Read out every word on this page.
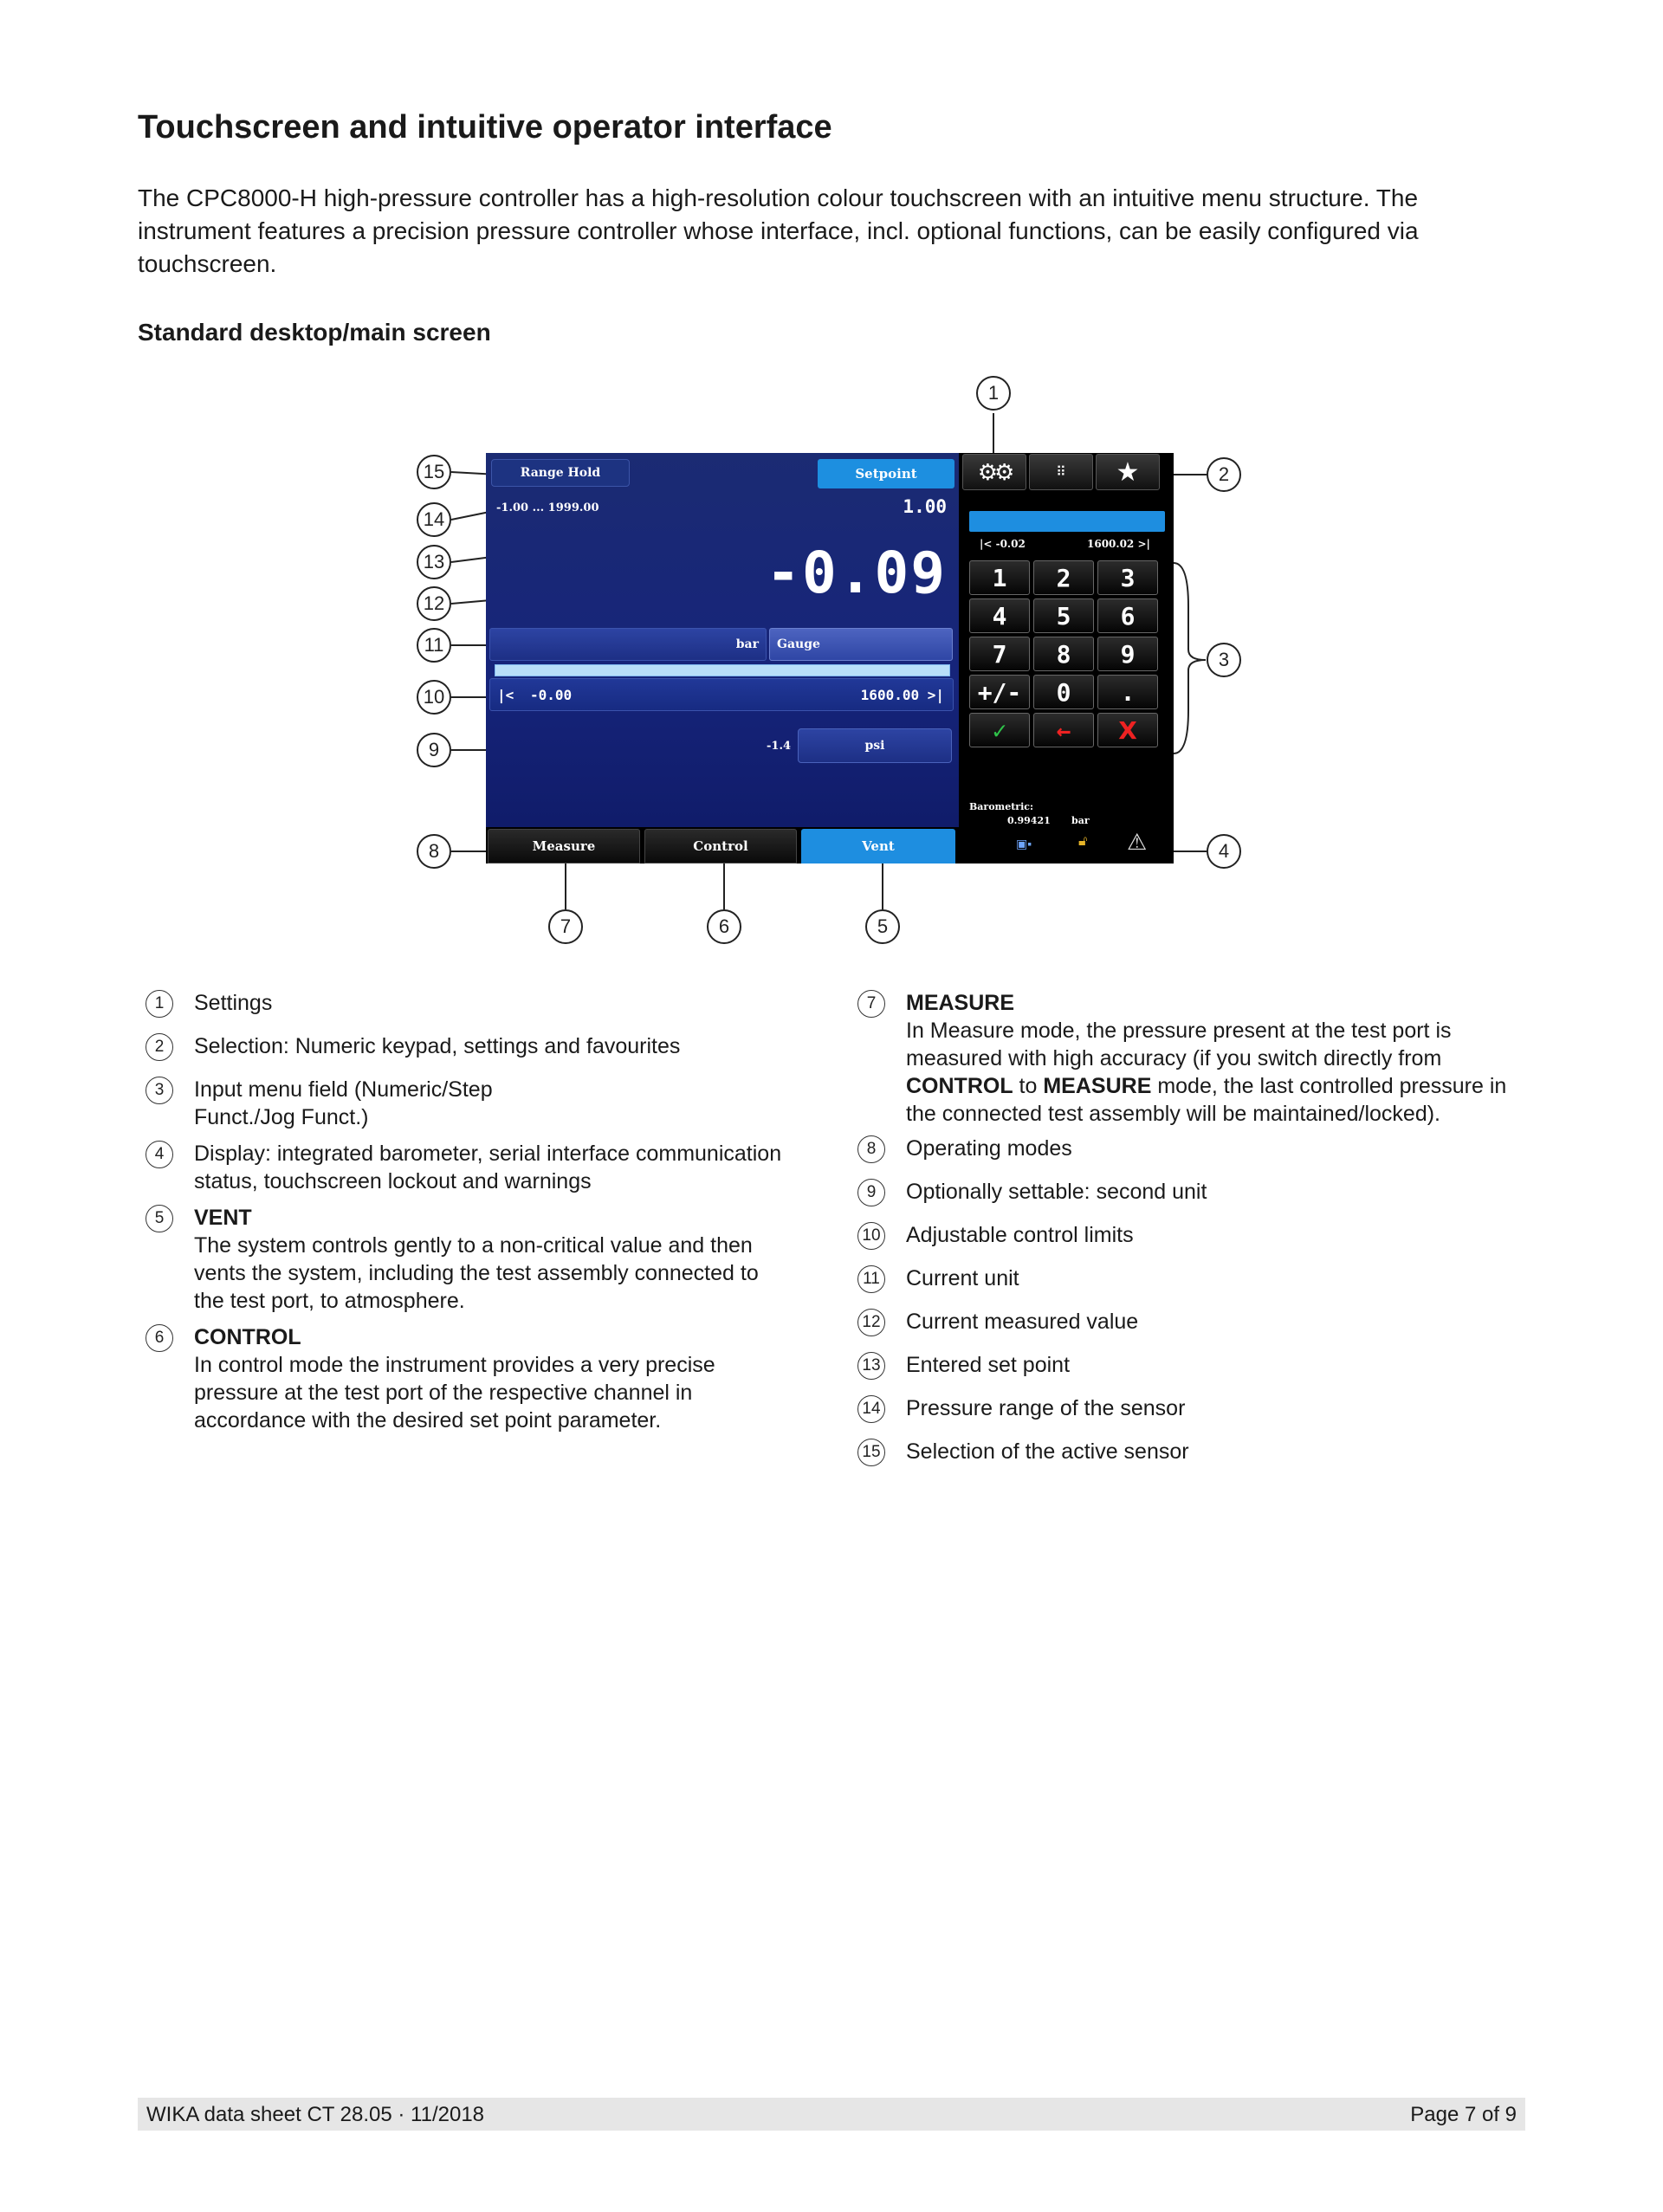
Touchscreen and intuitive operator interface
The CPC8000-H high-pressure controller has a high-resolution colour touchscreen with an intuitive menu structure. The instrument features a precision pressure controller whose interface, incl. optional functions, can be easily configured via touchscreen.
Standard desktop/main screen
Range Hold	Setpoint
-1.00 ... 1999.00	1.00
-0.09
bar Gauge
|< -0.00	1600.00 >|
-1.4	psi
Measure	Control	Vent
⚙⚙	⠿ ★
|< -0.02	1600.02 >|
1	2	3
4	5	6
7	8	9
+/-	0	.
✓ ← X
Barometric:
0.99421 bar
▣▪	🔓︎ ⚠︎
1
2
3
4
5
6
7
8
9
10
11
12
13
14
15
1	Settings
2	Selection: Numeric keypad, settings and favourites
3	Input menu field (Numeric/Step Funct./Jog Funct.)
4	Display: integrated barometer, serial interface communication status, touchscreen lockout and warnings
5	VENT
The system controls gently to a non-critical value and then vents the system, including the test assembly connected to the test port, to atmosphere.
6	CONTROL
In control mode the instrument provides a very precise pressure at the test port of the respective channel in accordance with the desired set point parameter.
7	MEASURE
In Measure mode, the pressure present at the test port is measured with high accuracy (if you switch directly from CONTROL to MEASURE mode, the last controlled pressure in the connected test assembly will be maintained/locked).
8	Operating modes
9	Optionally settable: second unit
10 Adjustable control limits
11 Current unit
12 Current measured value
13 Entered set point
14 Pressure range of the sensor
15 Selection of the active sensor
WIKA data sheet CT 28.05 · 11/2018	Page 7 of 9
